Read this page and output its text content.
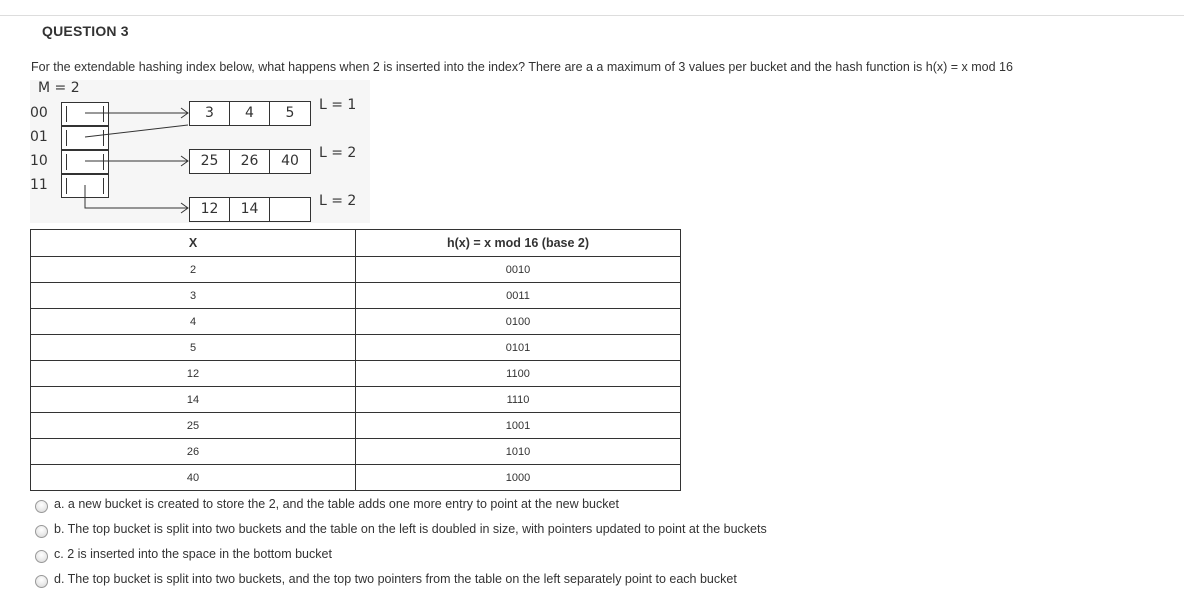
QUESTION 3
For the extendable hashing index below, what happens when 2 is inserted into the index? There are a a maximum of 3 values per bucket and the hash function is h(x) = x mod 16
M = 2
00
01
10
11
3	4	5	L = 1
25	26	40	L = 2
12	14	L = 2
X	h(x) = x mod 16 (base 2)
2	0010
3	0011
4	0100
5	0101
12	1100
14	1110
25	1001
26	1010
40	1000
a. a new bucket is created to store the 2, and the table adds one more entry to point at the new bucket
b. The top bucket is split into two buckets and the table on the left is doubled in size, with pointers updated to point at the buckets
c. 2 is inserted into the space in the bottom bucket
d. The top bucket is split into two buckets, and the top two pointers from the table on the left separately point to each bucket
